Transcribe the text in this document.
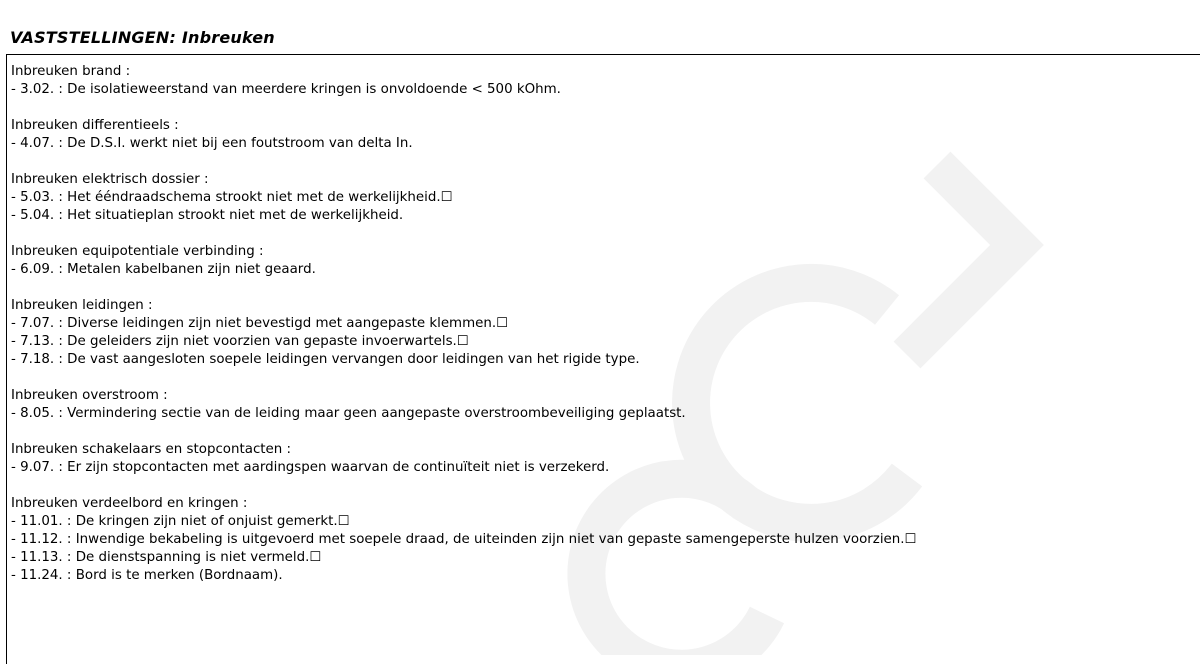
VASTSTELLINGEN: Inbreuken
Inbreuken brand :
- 3.02. : De isolatieweerstand van meerdere kringen is onvoldoende < 500 kOhm.
Inbreuken differentieels :
- 4.07. : De D.S.I. werkt niet bij een foutstroom van delta In.
Inbreuken elektrisch dossier :
- 5.03. : Het ééndraadschema strookt niet met de werkelijkheid.☐
- 5.04. : Het situatieplan strookt niet met de werkelijkheid.
Inbreuken equipotentiale verbinding :
- 6.09. : Metalen kabelbanen zijn niet geaard.
Inbreuken leidingen :
- 7.07. : Diverse leidingen zijn niet bevestigd met aangepaste klemmen.☐
- 7.13. : De geleiders zijn niet voorzien van gepaste invoerwartels.☐
- 7.18. : De vast aangesloten soepele leidingen vervangen door leidingen van het rigide type.
Inbreuken overstroom :
- 8.05. : Vermindering sectie van de leiding maar geen aangepaste overstroombeveiliging geplaatst.
Inbreuken schakelaars en stopcontacten :
- 9.07. : Er zijn stopcontacten met aardingspen waarvan de continuïteit niet is verzekerd.
Inbreuken verdeelbord en kringen :
- 11.01. : De kringen zijn niet of onjuist gemerkt.☐
- 11.12. : Inwendige bekabeling is uitgevoerd met soepele draad, de uiteinden zijn niet van gepaste samengeperste hulzen voorzien.☐
- 11.13. : De dienstspanning is niet vermeld.☐
- 11.24. : Bord is te merken (Bordnaam).
